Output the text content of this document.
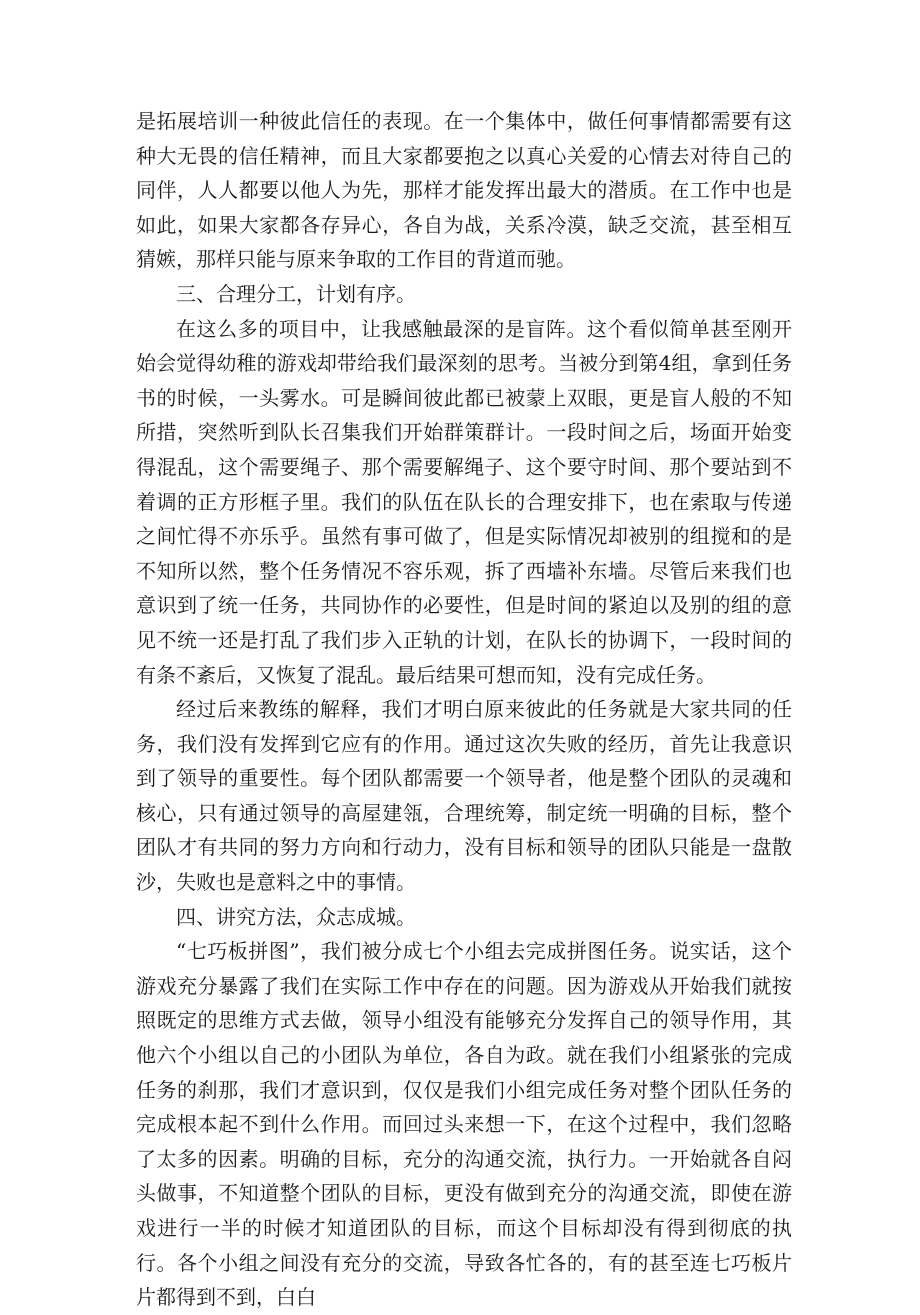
是拓展培训一种彼此信任的表现。在一个集体中，做任何事情都需要有这种大无畏的信任精神，而且大家都要抱之以真心关爱的心情去对待自己的同伴，人人都要以他人为先，那样才能发挥出最大的潜质。在工作中也是如此，如果大家都各存异心，各自为战，关系冷漠，缺乏交流，甚至相互猜嫉，那样只能与原来争取的工作目的背道而驰。

三、合理分工，计划有序。

在这么多的项目中，让我感触最深的是盲阵。这个看似简单甚至刚开始会觉得幼稚的游戏却带给我们最深刻的思考。当被分到第4组，拿到任务书的时候，一头雾水。可是瞬间彼此都已被蒙上双眼，更是盲人般的不知所措，突然听到队长召集我们开始群策群计。一段时间之后，场面开始变得混乱，这个需要绳子、那个需要解绳子、这个要守时间、那个要站到不着调的正方形框子里。我们的队伍在队长的合理安排下，也在索取与传递之间忙得不亦乐乎。虽然有事可做了，但是实际情况却被别的组搅和的是不知所以然，整个任务情况不容乐观，拆了西墙补东墙。尽管后来我们也意识到了统一任务，共同协作的必要性，但是时间的紧迫以及别的组的意见不统一还是打乱了我们步入正轨的计划，在队长的协调下，一段时间的有条不紊后，又恢复了混乱。最后结果可想而知，没有完成任务。

经过后来教练的解释，我们才明白原来彼此的任务就是大家共同的任务，我们没有发挥到它应有的作用。通过这次失败的经历，首先让我意识到了领导的重要性。每个团队都需要一个领导者，他是整个团队的灵魂和核心，只有通过领导的高屋建瓴，合理统筹，制定统一明确的目标，整个团队才有共同的努力方向和行动力，没有目标和领导的团队只能是一盘散沙，失败也是意料之中的事情。

四、讲究方法，众志成城。

“七巧板拼图”，我们被分成七个小组去完成拼图任务。说实话，这个游戏充分暴露了我们在实际工作中存在的问题。因为游戏从开始我们就按照既定的思维方式去做，领导小组没有能够充分发挥自己的领导作用，其他六个小组以自己的小团队为单位，各自为政。就在我们小组紧张的完成任务的刹那，我们才意识到，仅仅是我们小组完成任务对整个团队任务的完成根本起不到什么作用。而回过头来想一下，在这个过程中，我们忽略了太多的因素。明确的目标，充分的沟通交流，执行力。一开始就各自闷头做事，不知道整个团队的目标，更没有做到充分的沟通交流，即使在游戏进行一半的时候才知道团队的目标，而这个目标却没有得到彻底的执行。各个小组之间没有充分的交流，导致各忙各的，有的甚至连七巧板片片都得到不到，白白
